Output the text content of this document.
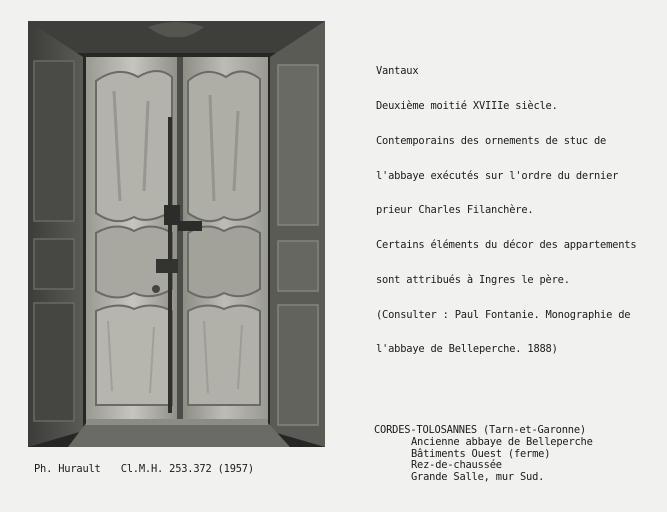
Vantaux

Deuxième moitié XVIIIe siècle.

Contemporains des ornements de stuc de

l'abbaye exécutés sur l'ordre du dernier

prieur Charles Filanchère.

Certains éléments du décor des appartements

sont attribués à Ingres le père.

(Consulter : Paul Fontanie. Monographie de

l'abbaye de Belleperche. 1888)

CORDES-TOLOSANNES (Tarn-et-Garonne)
Ancienne abbaye de Belleperche
Bâtiments Ouest (ferme)
Rez-de-chaussée
Grande Salle, mur Sud.
Ph. Hurault Cl.M.H. 253.372 (1957)
